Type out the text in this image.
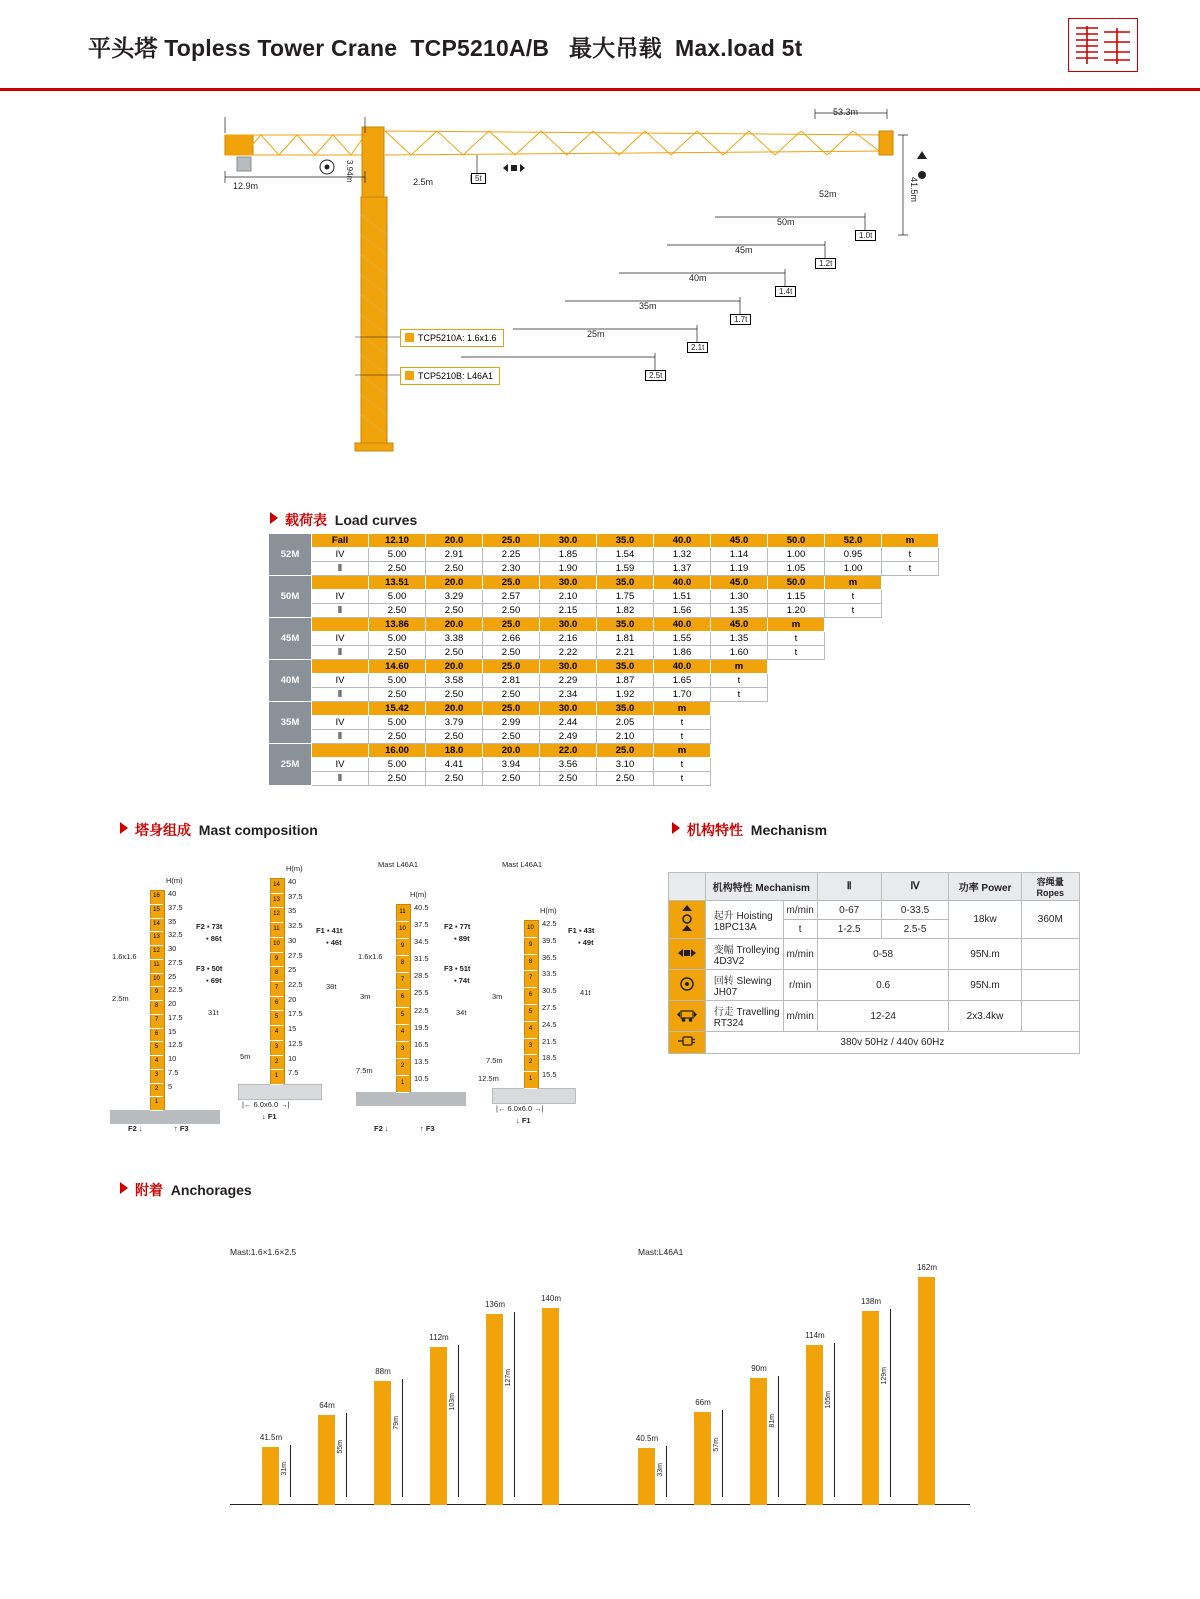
平头塔 Topless Tower Crane TCP5210A/B 最大吊载 Max.load 5t
53.3m
41.5m
12.9m
3.94m	2.5m	5t
52m
1.0t
50m
1.2t
45m
1.4t
40m
1.7t
35m
2.1t
25m
2.5t
TCP5210A: 1.6x1.6
TCP5210B: L46A1
载荷表 Load curves
52M	Fall	12.10	20.0	25.0	30.0	35.0	40.0	45.0	50.0	52.0	m
	IV	5.00	2.91	2.25	1.85	1.54	1.32	1.14	1.00	0.95	t
	Ⅱ	2.50	2.50	2.30	1.90	1.59	1.37	1.19	1.05	1.00	t
50M		13.51	20.0	25.0	30.0	35.0	40.0	45.0	50.0	m	
	IV	5.00	3.29	2.57	2.10	1.75	1.51	1.30	1.15	t	
	Ⅱ	2.50	2.50	2.50	2.15	1.82	1.56	1.35	1.20	t	
45M		13.86	20.0	25.0	30.0	35.0	40.0	45.0	m		
	IV	5.00	3.38	2.66	2.16	1.81	1.55	1.35	t		
	Ⅱ	2.50	2.50	2.50	2.22	2.21	1.86	1.60	t		
40M		14.60	20.0	25.0	30.0	35.0	40.0	m			
	IV	5.00	3.58	2.81	2.29	1.87	1.65	t			
	Ⅱ	2.50	2.50	2.50	2.34	1.92	1.70	t			
35M		15.42	20.0	25.0	30.0	35.0	m				
	IV	5.00	3.79	2.99	2.44	2.05	t				
	Ⅱ	2.50	2.50	2.50	2.49	2.10	t				
25M		16.00	18.0	20.0	22.0	25.0	m				
	IV	5.00	4.41	3.94	3.56	3.10	t				
	Ⅱ	2.50	2.50	2.50	2.50	2.50	t				
塔身组成 Mast composition
H(m)
1.6x1.6
2.5m
F2 ▪ 73t
▪ 86t
F3 ▪ 50t
▪ 69t
31t
F2 ↓	↑ F3
H(m)
F1 ▪ 41t
▪ 46t
38t
5m
|← 6.0x6.0 →|
↓ F1
Mast L46A1
H(m)
1.6x1.6
3m
F2 ▪ 77t
▪ 89t
F3 ▪ 51t
▪ 74t
34t
7.5m
F2 ↓	↑ F3
Mast L46A1
H(m)
F1 ▪ 43t
▪ 49t
41t
3m
7.5m
12.5m
|← 6.0x6.0 →|
↓ F1
16	40
15	37.5
14	35
13	32.5
12	30
11	27.5
10	25
9	22.5
8	20
7	17.5
6	15
5	12.5
4	10
3	7.5
2	5
1
14	40
13	37.5
12	35
11	32.5
10	30
9	27.5
8	25
7	22.5
6	20
5	17.5
4	15
3	12.5
2	10
1	7.5
11	40.5
10	37.5
9	34.5
8	31.5
7	28.5
6	25.5
5	22.5
4	19.5
3	16.5
2	13.5
1	10.5
10	42.5
9	39.5
8	36.5
7	33.5
6	30.5
5	27.5
4	24.5
3	21.5
2	18.5
1	15.5
机构特性 Mechanism
	机构特性 Mechanism		Ⅱ	Ⅳ	功率 Power	容绳量
Ropes
	起升 Hoisting
18PC13A	m/min	0-67	0-33.5	18kw	360M
		t	1-2.5	2.5-5		
	变幅 Trolleying
4D3V2	m/min	0-58		95N.m	
	回转 Slewing
JH07	r/min	0.6		95N.m	
	行走 Travelling
RT324	m/min	12-24		2x3.4kw	
	380v 50Hz / 440v 60Hz					
附着 Anchorages
Mast:1.6×1.6×2.5	Mast:L46A1
41.5m
31m
64m
55m
88m
79m
112m
103m
136m
127m
140m
40.5m
33m
66m
57m
90m
81m
114m
105m
138m
129m
162m
